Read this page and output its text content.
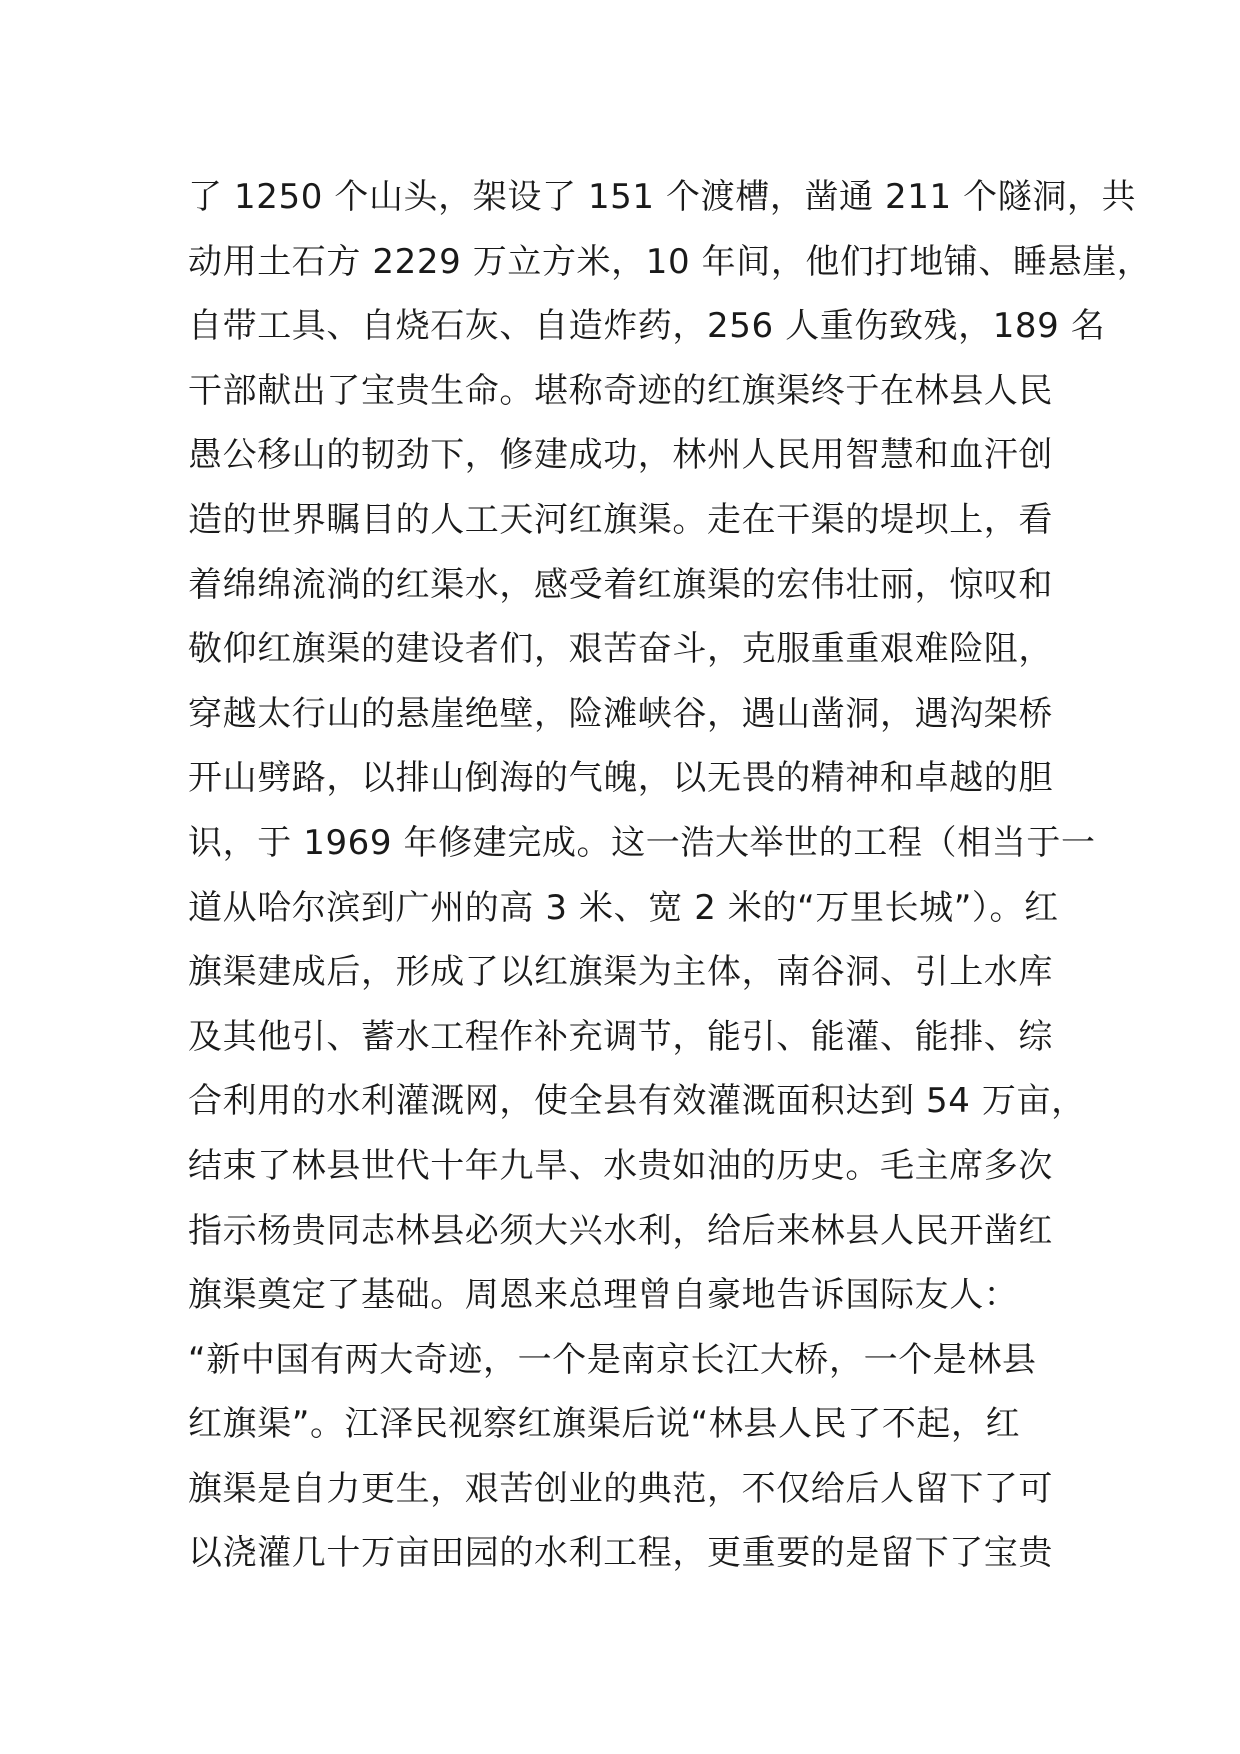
了 1250 个山头，架设了 151 个渡槽，凿通 211 个隧洞，共
动用土石方 2229 万立方米，10 年间，他们打地铺、睡悬崖，
自带工具、自烧石灰、自造炸药，256 人重伤致残，189 名
干部献出了宝贵生命。堪称奇迹的红旗渠终于在林县人民
愚公移山的韧劲下，修建成功，林州人民用智慧和血汗创
造的世界瞩目的人工天河红旗渠。走在干渠的堤坝上，看
着绵绵流淌的红渠水，感受着红旗渠的宏伟壮丽，惊叹和
敬仰红旗渠的建设者们，艰苦奋斗，克服重重艰难险阻，
穿越太行山的悬崖绝壁，险滩峡谷，遇山凿洞，遇沟架桥
开山劈路，以排山倒海的气魄，以无畏的精神和卓越的胆
识，于 1969 年修建完成。这一浩大举世的工程（相当于一
道从哈尔滨到广州的高 3 米、宽 2 米的“万里长城”）。红
旗渠建成后，形成了以红旗渠为主体，南谷洞、引上水库
及其他引、蓄水工程作补充调节，能引、能灌、能排、综
合利用的水利灌溉网，使全县有效灌溉面积达到 54 万亩，
结束了林县世代十年九旱、水贵如油的历史。毛主席多次
指示杨贵同志林县必须大兴水利，给后来林县人民开凿红
旗渠奠定了基础。周恩来总理曾自豪地告诉国际友人：
“新中国有两大奇迹，一个是南京长江大桥，一个是林县
红旗渠”。江泽民视察红旗渠后说“林县人民了不起，红
旗渠是自力更生，艰苦创业的典范，不仅给后人留下了可
以浇灌几十万亩田园的水利工程，更重要的是留下了宝贵
